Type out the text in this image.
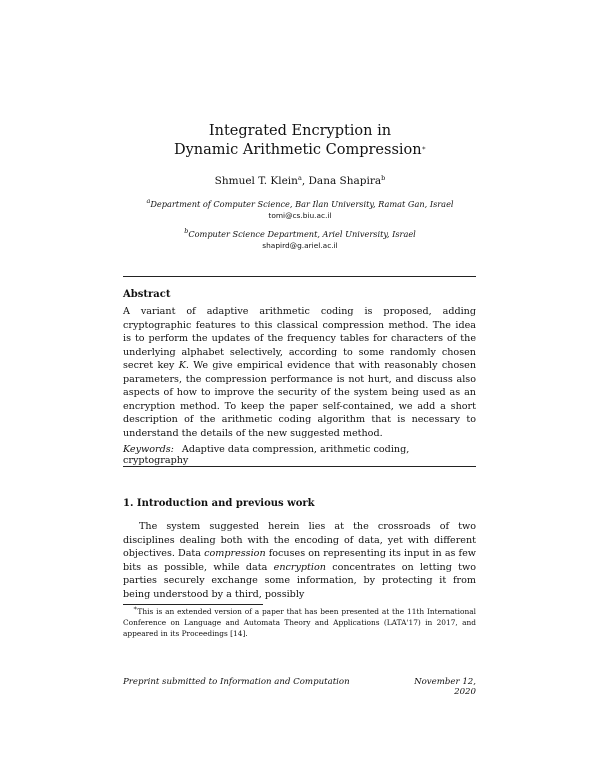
Integrated Encryption in
Dynamic Arithmetic Compression∗
Shmuel T. Klein$^a$, Dana Shapira$^b$
$^a$Department of Computer Science, Bar Ilan University, Ramat Gan, Israel
tomi@cs.biu.ac.il
$^b$Computer Science Department, Ariel University, Israel
shapird@g.ariel.ac.il
Abstract

A variant of adaptive arithmetic coding is proposed, adding cryptographic features to this classical compression method. The idea is to perform the updates of the frequency tables for characters of the underlying alphabet selectively, according to some randomly chosen secret key K. We give empirical evidence that with reasonably chosen parameters, the compression performance is not hurt, and discuss also aspects of how to improve the security of the system being used as an encryption method. To keep the paper self-contained, we add a short description of the arithmetic coding algorithm that is necessary to understand the details of the new suggested method.

Keywords: Adaptive data compression, arithmetic coding, cryptography
1. Introduction and previous work
The system suggested herein lies at the crossroads of two disciplines dealing both with the encoding of data, yet with different objectives. Data compression focuses on representing its input in as few bits as possible, while data encryption concentrates on letting two parties securely exchange some information, by protecting it from being understood by a third, possibly
∗This is an extended version of a paper that has been presented at the 11th International Conference on Language and Automata Theory and Applications (LATA'17) in 2017, and appeared in its Proceedings [14].
Preprint submitted to Information and Computation	November 12, 2020
